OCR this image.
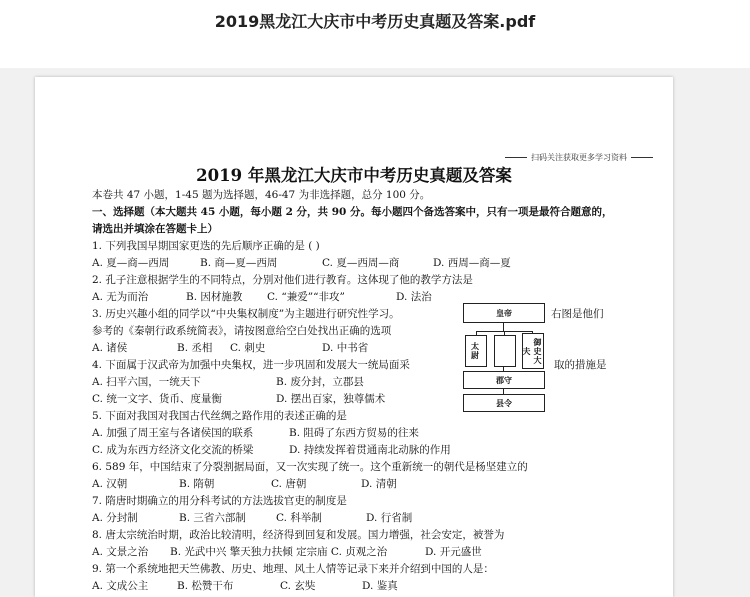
2019黑龙江大庆市中考历史真题及答案.pdf
扫码关注获取更多学习资料
2019 年黑龙江大庆市中考历史真题及答案
本卷共 47 小题，1-45 题为选择题，46-47 为非选择题，总分 100 分。
一、选择题（本大题共 45 小题，每小题 2 分，共 90 分。每小题四个备选答案中，只有一项是最符合题意的，
请选出并填涂在答题卡上）
1. 下列我国早期国家更迭的先后顺序正确的是 ( )
A. 夏—商—西周	B. 商—夏—西周	C. 夏—西周—商	D. 西周—商—夏
2. 孔子注意根据学生的不同特点，分别对他们进行教育。这体现了他的教学方法是
A. 无为而治	B. 因材施教 C. “兼爱”“非攻”	D. 法治
3. 历史兴趣小组的同学以“中央集权制度”为主题进行研究性学习。	右图是他们
参考的《秦朝行政系统简表》，请按图意给空白处找出正确的选项
A. 诸侯	B. 丞相 C. 刺史	D. 中书省
4. 下面属于汉武帝为加强中央集权，进一步巩固和发展大一统局面采	取的措施是
A. 扫平六国，一统天下	B. 废分封，立郡县
C. 统一文字、货币、度量衡	D. 摆出百家，独尊儒术
5. 下面对我国对我国古代丝绸之路作用的表述正确的是
A. 加强了周王室与各诸侯国的联系	B. 阻碍了东西方贸易的往来
C. 成为东西方经济文化交流的桥梁	D. 持续发挥着贯通南北动脉的作用
6. 589 年，中国结束了分裂割据局面，又一次实现了统一。这个重新统一的朝代是杨坚建立的
A. 汉朝	B. 隋朝	C. 唐朝	D. 清朝
7. 隋唐时期确立的用分科考试的方法选拔官吏的制度是
A. 分封制	B. 三省六部制	C. 科举制	D. 行省制
8. 唐太宗统治时期，政治比较清明，经济得到回复和发展。国力增强，社会安定，被誉为
A. 文景之治 B. 光武中兴 擎天独力扶倾 定宗庙 C. 贞观之治	D. 开元盛世
9. 第一个系统地把天竺佛教、历史、地理、风土人情等记录下来并介绍到中国的人是：
A. 文成公主	B. 松赞干布	C. 玄奘	D. 鉴真
皇帝
太尉	御史大夫
郡守
县令
